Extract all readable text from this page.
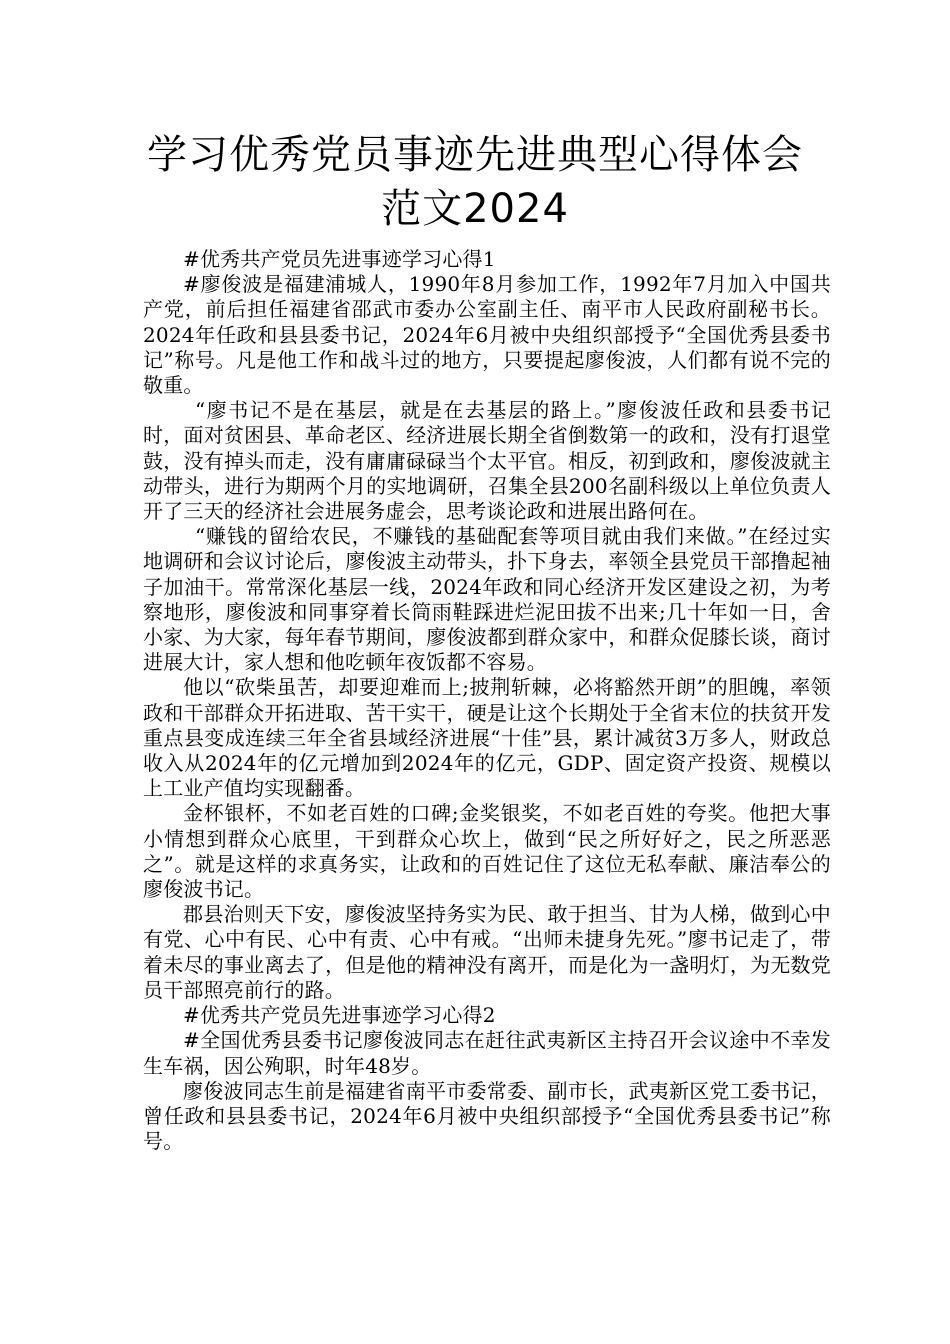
学习优秀党员事迹先进典型心得体会范文2024

#优秀共产党员先进事迹学习心得1

#廖俊波是福建浦城人，1990年8月参加工作，1992年7月加入中国共产党，前后担任福建省邵武市委办公室副主任、南平市人民政府副秘书长。2024年任政和县县委书记，2024年6月被中央组织部授予“全国优秀县委书记”称号。凡是他工作和战斗过的地方，只要提起廖俊波，人们都有说不完的敬重。

“廖书记不是在基层，就是在去基层的路上。”廖俊波任政和县委书记时，面对贫困县、革命老区、经济进展长期全省倒数第一的政和，没有打退堂鼓，没有掉头而走，没有庸庸碌碌当个太平官。相反，初到政和，廖俊波就主动带头，进行为期两个月的实地调研，召集全县200名副科级以上单位负责人开了三天的经济社会进展务虚会，思考谈论政和进展出路何在。

“赚钱的留给农民，不赚钱的基础配套等项目就由我们来做。”在经过实地调研和会议讨论后，廖俊波主动带头，扑下身去，率领全县党员干部撸起袖子加油干。常常深化基层一线，2024年政和同心经济开发区建设之初，为考察地形，廖俊波和同事穿着长筒雨鞋踩进烂泥田拔不出来;几十年如一日，舍小家、为大家，每年春节期间，廖俊波都到群众家中，和群众促膝长谈，商讨进展大计，家人想和他吃顿年夜饭都不容易。

他以“砍柴虽苦，却要迎难而上;披荆斩棘，必将豁然开朗”的胆魄，率领政和干部群众开拓进取、苦干实干，硬是让这个长期处于全省末位的扶贫开发重点县变成连续三年全省县域经济进展“十佳”县，累计减贫3万多人，财政总收入从2024年的亿元增加到2024年的亿元，GDP、固定资产投资、规模以上工业产值均实现翻番。

金杯银杯，不如老百姓的口碑;金奖银奖，不如老百姓的夸奖。他把大事小情想到群众心底里，干到群众心坎上，做到“民之所好好之，民之所恶恶之”。就是这样的求真务实，让政和的百姓记住了这位无私奉献、廉洁奉公的廖俊波书记。

郡县治则天下安，廖俊波坚持务实为民、敢于担当、甘为人梯，做到心中有党、心中有民、心中有责、心中有戒。“出师未捷身先死。”廖书记走了，带着未尽的事业离去了，但是他的精神没有离开，而是化为一盏明灯，为无数党员干部照亮前行的路。

#优秀共产党员先进事迹学习心得2

#全国优秀县委书记廖俊波同志在赶往武夷新区主持召开会议途中不幸发生车祸，因公殉职，时年48岁。

廖俊波同志生前是福建省南平市委常委、副市长，武夷新区党工委书记，曾任政和县县委书记，2024年6月被中央组织部授予“全国优秀县委书记”称号。
